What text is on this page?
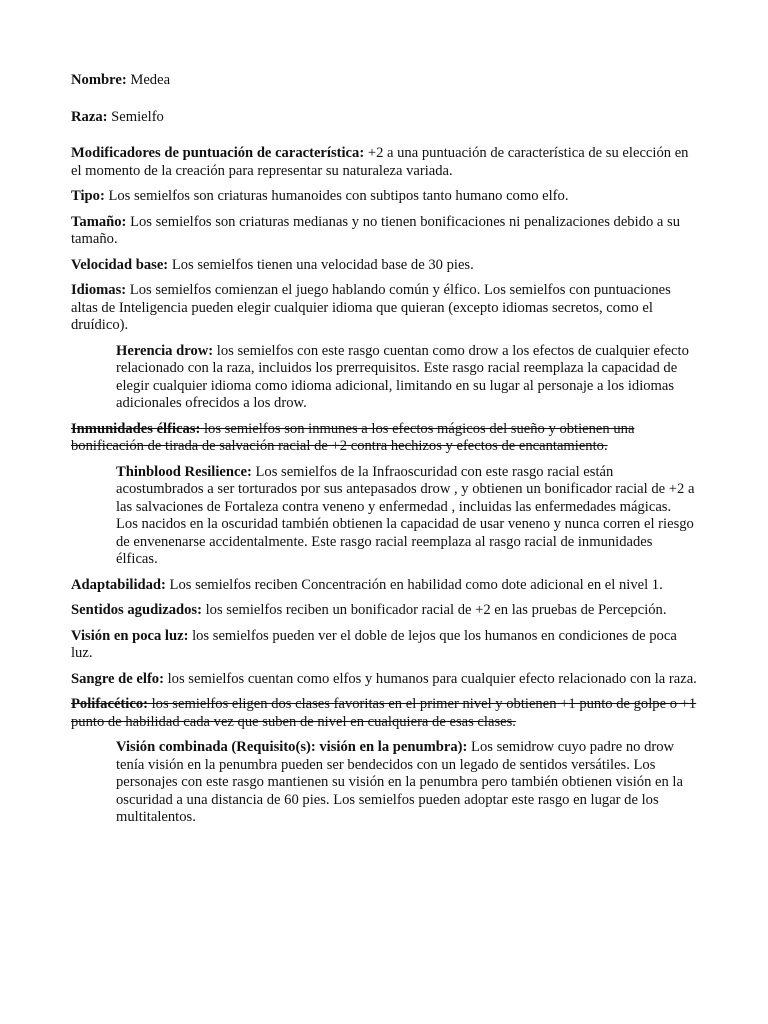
Nombre: Medea

Raza: Semielfo

Modificadores de puntuación de característica: +2 a una puntuación de característica de su elección en el momento de la creación para representar su naturaleza variada.

Tipo: Los semielfos son criaturas humanoides con subtipos tanto humano como elfo.

Tamaño: Los semielfos son criaturas medianas y no tienen bonificaciones ni penalizaciones debido a su tamaño.

Velocidad base: Los semielfos tienen una velocidad base de 30 pies.

Idiomas: Los semielfos comienzan el juego hablando común y élfico. Los semielfos con puntuaciones altas de Inteligencia pueden elegir cualquier idioma que quieran (excepto idiomas secretos, como el druídico).

Herencia drow: los semielfos con este rasgo cuentan como drow a los efectos de cualquier efecto relacionado con la raza, incluidos los prerrequisitos. Este rasgo racial reemplaza la capacidad de elegir cualquier idioma como idioma adicional, limitando en su lugar al personaje a los idiomas adicionales ofrecidos a los drow.

Inmunidades élficas: los semielfos son inmunes a los efectos mágicos del sueño y obtienen una bonificación de tirada de salvación racial de +2 contra hechizos y efectos de encantamiento.

Thinblood Resilience: Los semielfos de la Infraoscuridad con este rasgo racial están acostumbrados a ser torturados por sus antepasados drow , y obtienen un bonificador racial de +2 a las salvaciones de Fortaleza contra veneno y enfermedad , incluidas las enfermedades mágicas. Los nacidos en la oscuridad también obtienen la capacidad de usar veneno y nunca corren el riesgo de envenenarse accidentalmente. Este rasgo racial reemplaza al rasgo racial de inmunidades élficas.

Adaptabilidad: Los semielfos reciben Concentración en habilidad como dote adicional en el nivel 1.

Sentidos agudizados: los semielfos reciben un bonificador racial de +2 en las pruebas de Percepción.

Visión en poca luz: los semielfos pueden ver el doble de lejos que los humanos en condiciones de poca luz.

Sangre de elfo: los semielfos cuentan como elfos y humanos para cualquier efecto relacionado con la raza.

Polifacético: los semielfos eligen dos clases favoritas en el primer nivel y obtienen +1 punto de golpe o +1 punto de habilidad cada vez que suben de nivel en cualquiera de esas clases.

Visión combinada (Requisito(s): visión en la penumbra): Los semidrow cuyo padre no drow tenía visión en la penumbra pueden ser bendecidos con un legado de sentidos versátiles. Los personajes con este rasgo mantienen su visión en la penumbra pero también obtienen visión en la oscuridad a una distancia de 60 pies. Los semielfos pueden adoptar este rasgo en lugar de los multitalentos.
